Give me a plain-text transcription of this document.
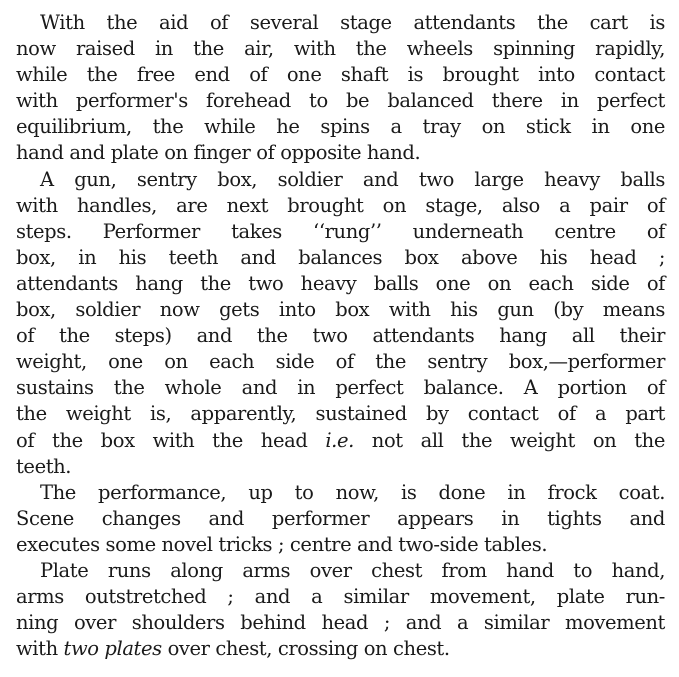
With the aid of several stage attendants the cart is
now raised in the air, with the wheels spinning rapidly,
while the free end of one shaft is brought into contact
with performer's forehead to be balanced there in perfect
equilibrium, the while he spins a tray on stick in one
hand and plate on finger of opposite hand.
A gun, sentry box, soldier and two large heavy balls
with handles, are next brought on stage, also a pair of
steps. Performer takes ‘‘rung’’ underneath centre of
box, in his teeth and balances box above his head ;
attendants hang the two heavy balls one on each side of
box, soldier now gets into box with his gun (by means
of the steps) and the two attendants hang all their
weight, one on each side of the sentry box,—performer
sustains the whole and in perfect balance. A portion of
the weight is, apparently, sustained by contact of a part
of the box with the head i.e. not all the weight on the
teeth.
The performance, up to now, is done in frock coat.
Scene changes and performer appears in tights and
executes some novel tricks ; centre and two-side tables.
Plate runs along arms over chest from hand to hand,
arms outstretched ; and a similar movement, plate run-
ning over shoulders behind head ; and a similar movement
with two plates over chest, crossing on chest.
